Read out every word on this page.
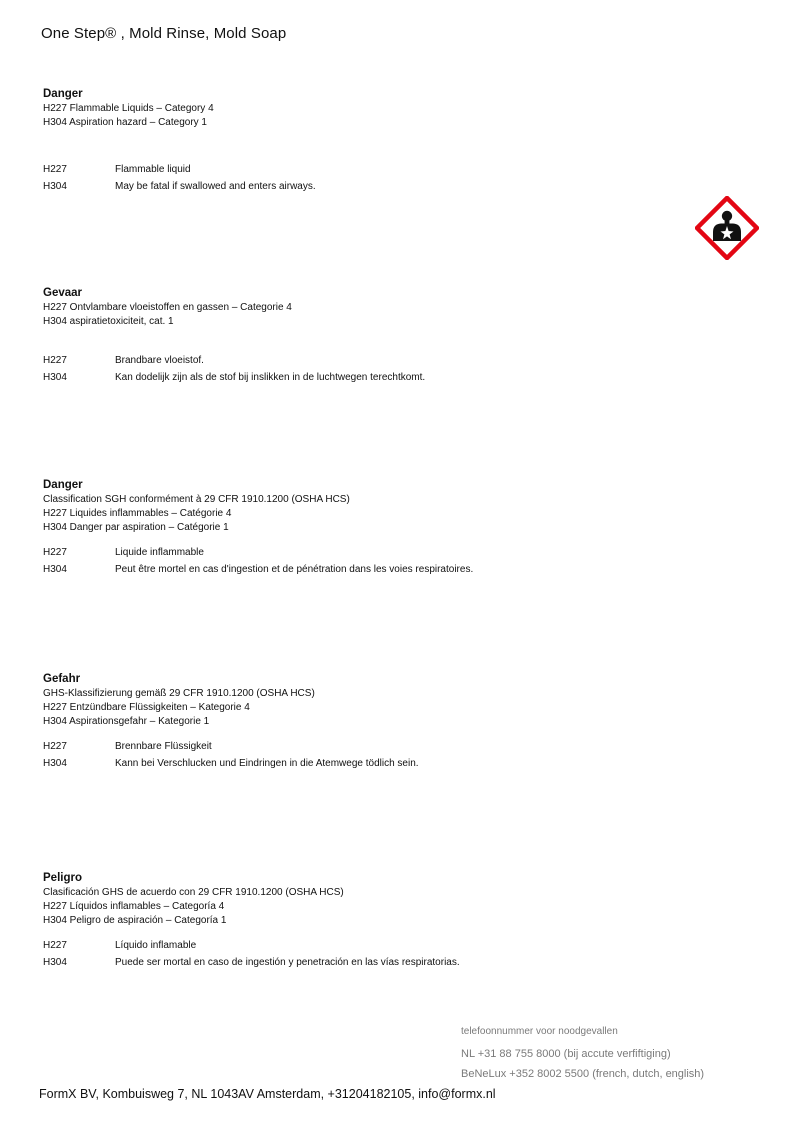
One Step® , Mold Rinse, Mold Soap
Danger
H227 Flammable Liquids – Category 4
H304 Aspiration hazard – Category 1
H227	Flammable liquid
H304	May be fatal if swallowed and enters airways.
Gevaar
H227 Ontvlambare vloeistoffen en gassen – Categorie 4
H304 aspiratietoxiciteit, cat. 1
H227	Brandbare vloeistof.
H304	Kan dodelijk zijn als de stof bij inslikken in de luchtwegen terechtkomt.
Danger
Classification SGH conformément à 29 CFR 1910.1200 (OSHA HCS)
H227 Liquides inflammables – Catégorie 4
H304 Danger par aspiration – Catégorie 1
H227	Liquide inflammable
H304	Peut être mortel en cas d'ingestion et de pénétration dans les voies respiratoires.
Gefahr
GHS-Klassifizierung gemäß 29 CFR 1910.1200 (OSHA HCS)
H227 Entzündbare Flüssigkeiten – Kategorie 4
H304 Aspirationsgefahr – Kategorie 1
H227	Brennbare Flüssigkeit
H304	Kann bei Verschlucken und Eindringen in die Atemwege tödlich sein.
Peligro
Clasificación GHS de acuerdo con 29 CFR 1910.1200 (OSHA HCS)
H227 Líquidos inflamables – Categoría 4
H304 Peligro de aspiración – Categoría 1
H227	Líquido inflamable
H304	Puede ser mortal en caso de ingestión y penetración en las vías respiratorias.
telefoonnummer voor noodgevallen
NL +31 88 755 8000 (bij accute verfiftiging)
BeNeLux +352 8002 5500 (french, dutch, english)
FormX BV, Kombuisweg 7, NL 1043AV Amsterdam, +31204182105, info@formx.nl
